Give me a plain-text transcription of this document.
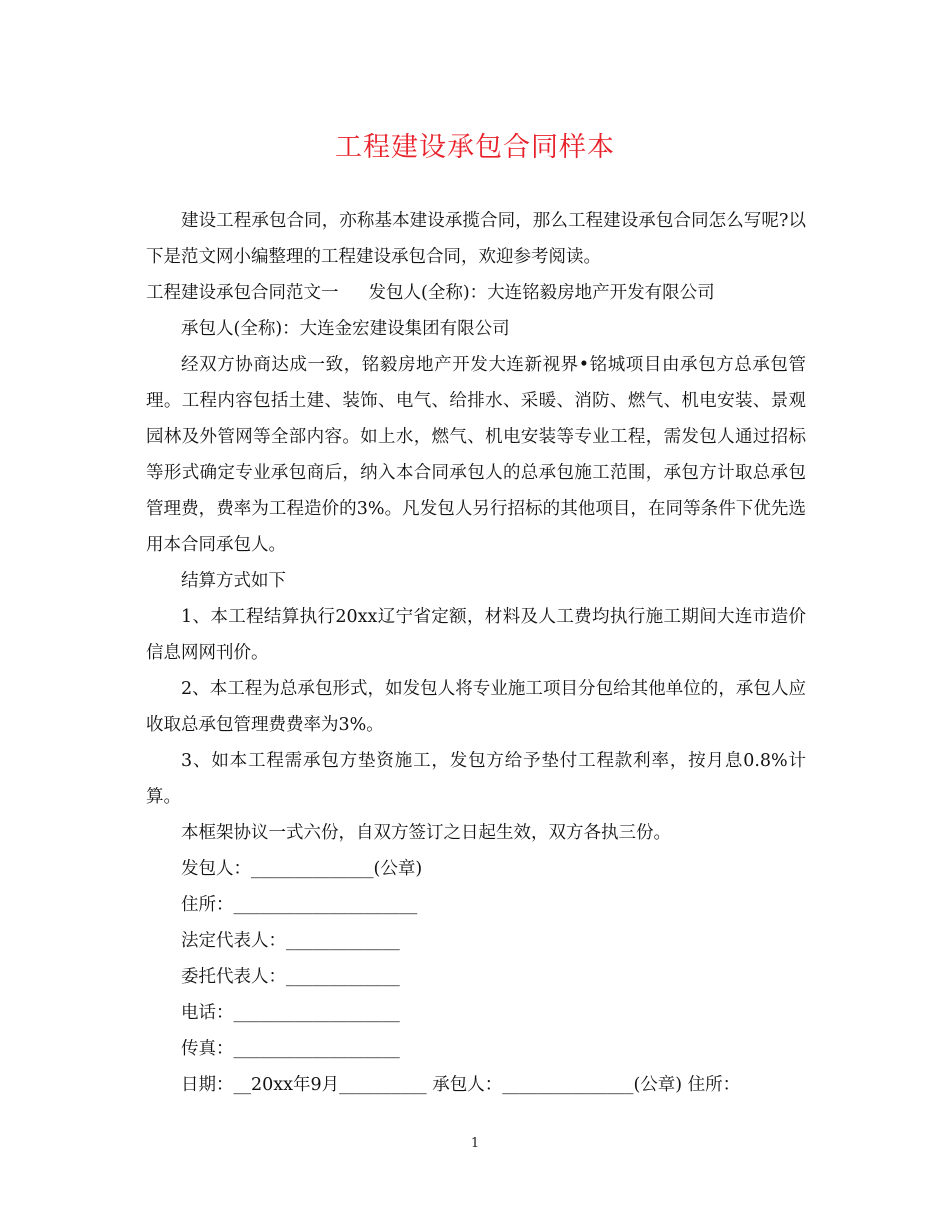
工程建设承包合同样本

建设工程承包合同，亦称基本建设承揽合同，那么工程建设承包合同怎么写呢?以下是范文网小编整理的工程建设承包合同，欢迎参考阅读。

工程建设承包合同范文一 发包人(全称)：大连铭毅房地产开发有限公司

承包人(全称)：大连金宏建设集团有限公司

经双方协商达成一致，铭毅房地产开发大连新视界•铭城项目由承包方总承包管理。工程内容包括土建、装饰、电气、给排水、采暖、消防、燃气、机电安装、景观园林及外管网等全部内容。如上水，燃气、机电安装等专业工程，需发包人通过招标等形式确定专业承包商后，纳入本合同承包人的总承包施工范围，承包方计取总承包管理费，费率为工程造价的3%。凡发包人另行招标的其他项目，在同等条件下优先选用本合同承包人。

结算方式如下

1、本工程结算执行20xx辽宁省定额，材料及人工费均执行施工期间大连市造价信息网网刊价。

2、本工程为总承包形式，如发包人将专业施工项目分包给其他单位的，承包人应收取总承包管理费费率为3%。

3、如本工程需承包方垫资施工，发包方给予垫付工程款利率，按月息0.8%计算。

本框架协议一式六份，自双方签订之日起生效，双方各执三份。

发包人：______________(公章)

住所：_____________________

法定代表人：_____________

委托代表人：_____________

电话：___________________

传真：___________________

日期：__20xx年9月__________ 承包人：_______________(公章) 住所：

1
